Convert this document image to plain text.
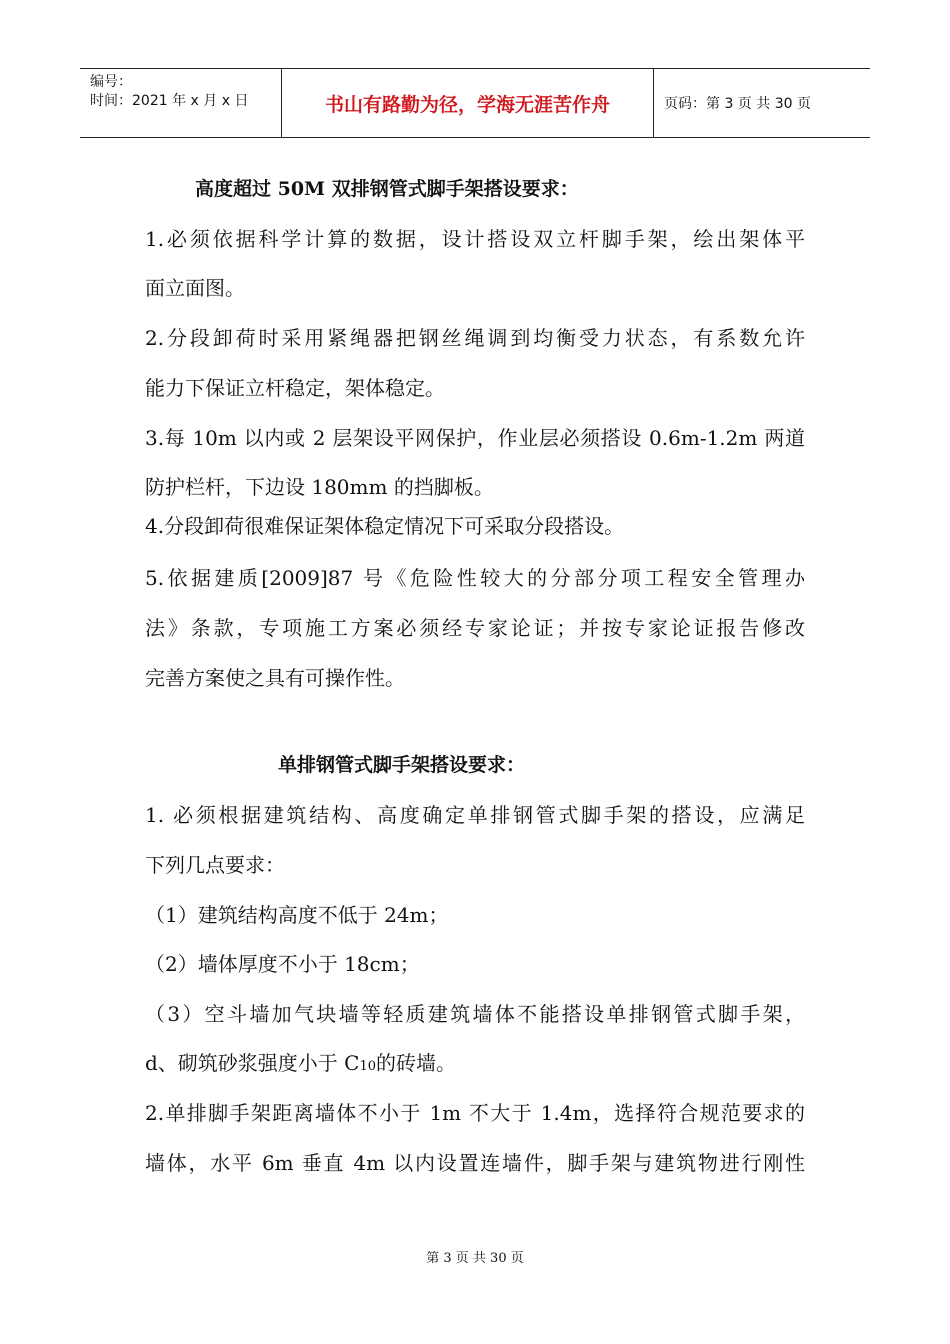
编号：
时间：2021 年 x 月 x 日	书山有路勤为径，学海无涯苦作舟	页码：第 3 页 共 30 页
高度超过 50M 双排钢管式脚手架搭设要求：
1.必须依据科学计算的数据，设计搭设双立杆脚手架，绘出架体平
面立面图。
2.分段卸荷时采用紧绳器把钢丝绳调到均衡受力状态，有系数允许
能力下保证立杆稳定，架体稳定。
3.每 10m 以内或 2 层架设平网保护，作业层必须搭设 0.6m-1.2m 两道
防护栏杆，下边设 180mm 的挡脚板。
4.分段卸荷很难保证架体稳定情况下可采取分段搭设。
5.依据建质[2009]87 号《危险性较大的分部分项工程安全管理办
法》条款，专项施工方案必须经专家论证；并按专家论证报告修改
完善方案使之具有可操作性。
单排钢管式脚手架搭设要求：
1. 必须根据建筑结构、高度确定单排钢管式脚手架的搭设，应满足
下列几点要求：
（1）建筑结构高度不低于 24m；
（2）墙体厚度不小于 18cm；
（3）空斗墙加气块墙等轻质建筑墙体不能搭设单排钢管式脚手架，
d、砌筑砂浆强度小于 C10的砖墙。
2.单排脚手架距离墙体不小于 1m 不大于 1.4m，选择符合规范要求的
墙体，水平 6m 垂直 4m 以内设置连墙件，脚手架与建筑物进行刚性
第 3 页 共 30 页
